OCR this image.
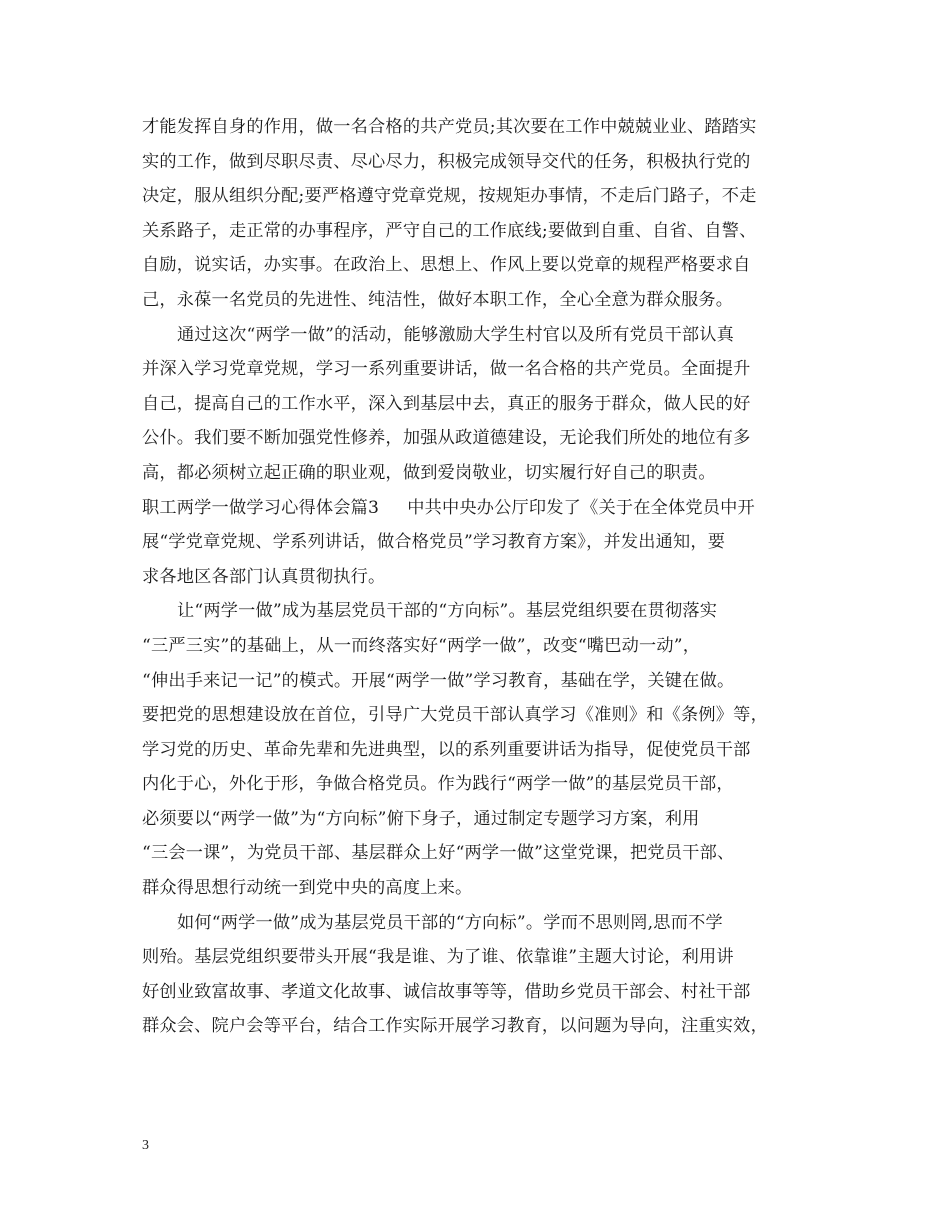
才能发挥自身的作用，做一名合格的共产党员;其次要在工作中兢兢业业、踏踏实
实的工作，做到尽职尽责、尽心尽力，积极完成领导交代的任务，积极执行党的
决定，服从组织分配;要严格遵守党章党规，按规矩办事情，不走后门路子，不走
关系路子，走正常的办事程序，严守自己的工作底线;要做到自重、自省、自警、
自励，说实话，办实事。在政治上、思想上、作风上要以党章的规程严格要求自
己，永葆一名党员的先进性、纯洁性，做好本职工作，全心全意为群众服务。
通过这次“两学一做”的活动，能够激励大学生村官以及所有党员干部认真
并深入学习党章党规，学习一系列重要讲话，做一名合格的共产党员。全面提升
自己，提高自己的工作水平，深入到基层中去，真正的服务于群众，做人民的好
公仆。我们要不断加强党性修养，加强从政道德建设，无论我们所处的地位有多
高，都必须树立起正确的职业观，做到爱岗敬业，切实履行好自己的职责。
职工两学一做学习心得体会篇3 中共中央办公厅印发了《关于在全体党员中开
展“学党章党规、学系列讲话，做合格党员”学习教育方案》，并发出通知，要
求各地区各部门认真贯彻执行。
让“两学一做”成为基层党员干部的“方向标”。基层党组织要在贯彻落实
“三严三实”的基础上，从一而终落实好“两学一做”，改变“嘴巴动一动”，
“伸出手来记一记”的模式。开展“两学一做”学习教育，基础在学，关键在做。
要把党的思想建设放在首位，引导广大党员干部认真学习《准则》和《条例》等，
学习党的历史、革命先辈和先进典型，以的系列重要讲话为指导，促使党员干部
内化于心，外化于形，争做合格党员。作为践行“两学一做”的基层党员干部，
必须要以“两学一做”为“方向标”俯下身子，通过制定专题学习方案，利用
“三会一课”，为党员干部、基层群众上好“两学一做”这堂党课，把党员干部、
群众得思想行动统一到党中央的高度上来。
如何“两学一做”成为基层党员干部的“方向标”。学而不思则罔,思而不学
则殆。基层党组织要带头开展“我是谁、为了谁、依靠谁”主题大讨论，利用讲
好创业致富故事、孝道文化故事、诚信故事等等，借助乡党员干部会、村社干部
群众会、院户会等平台，结合工作实际开展学习教育，以问题为导向，注重实效，
3
